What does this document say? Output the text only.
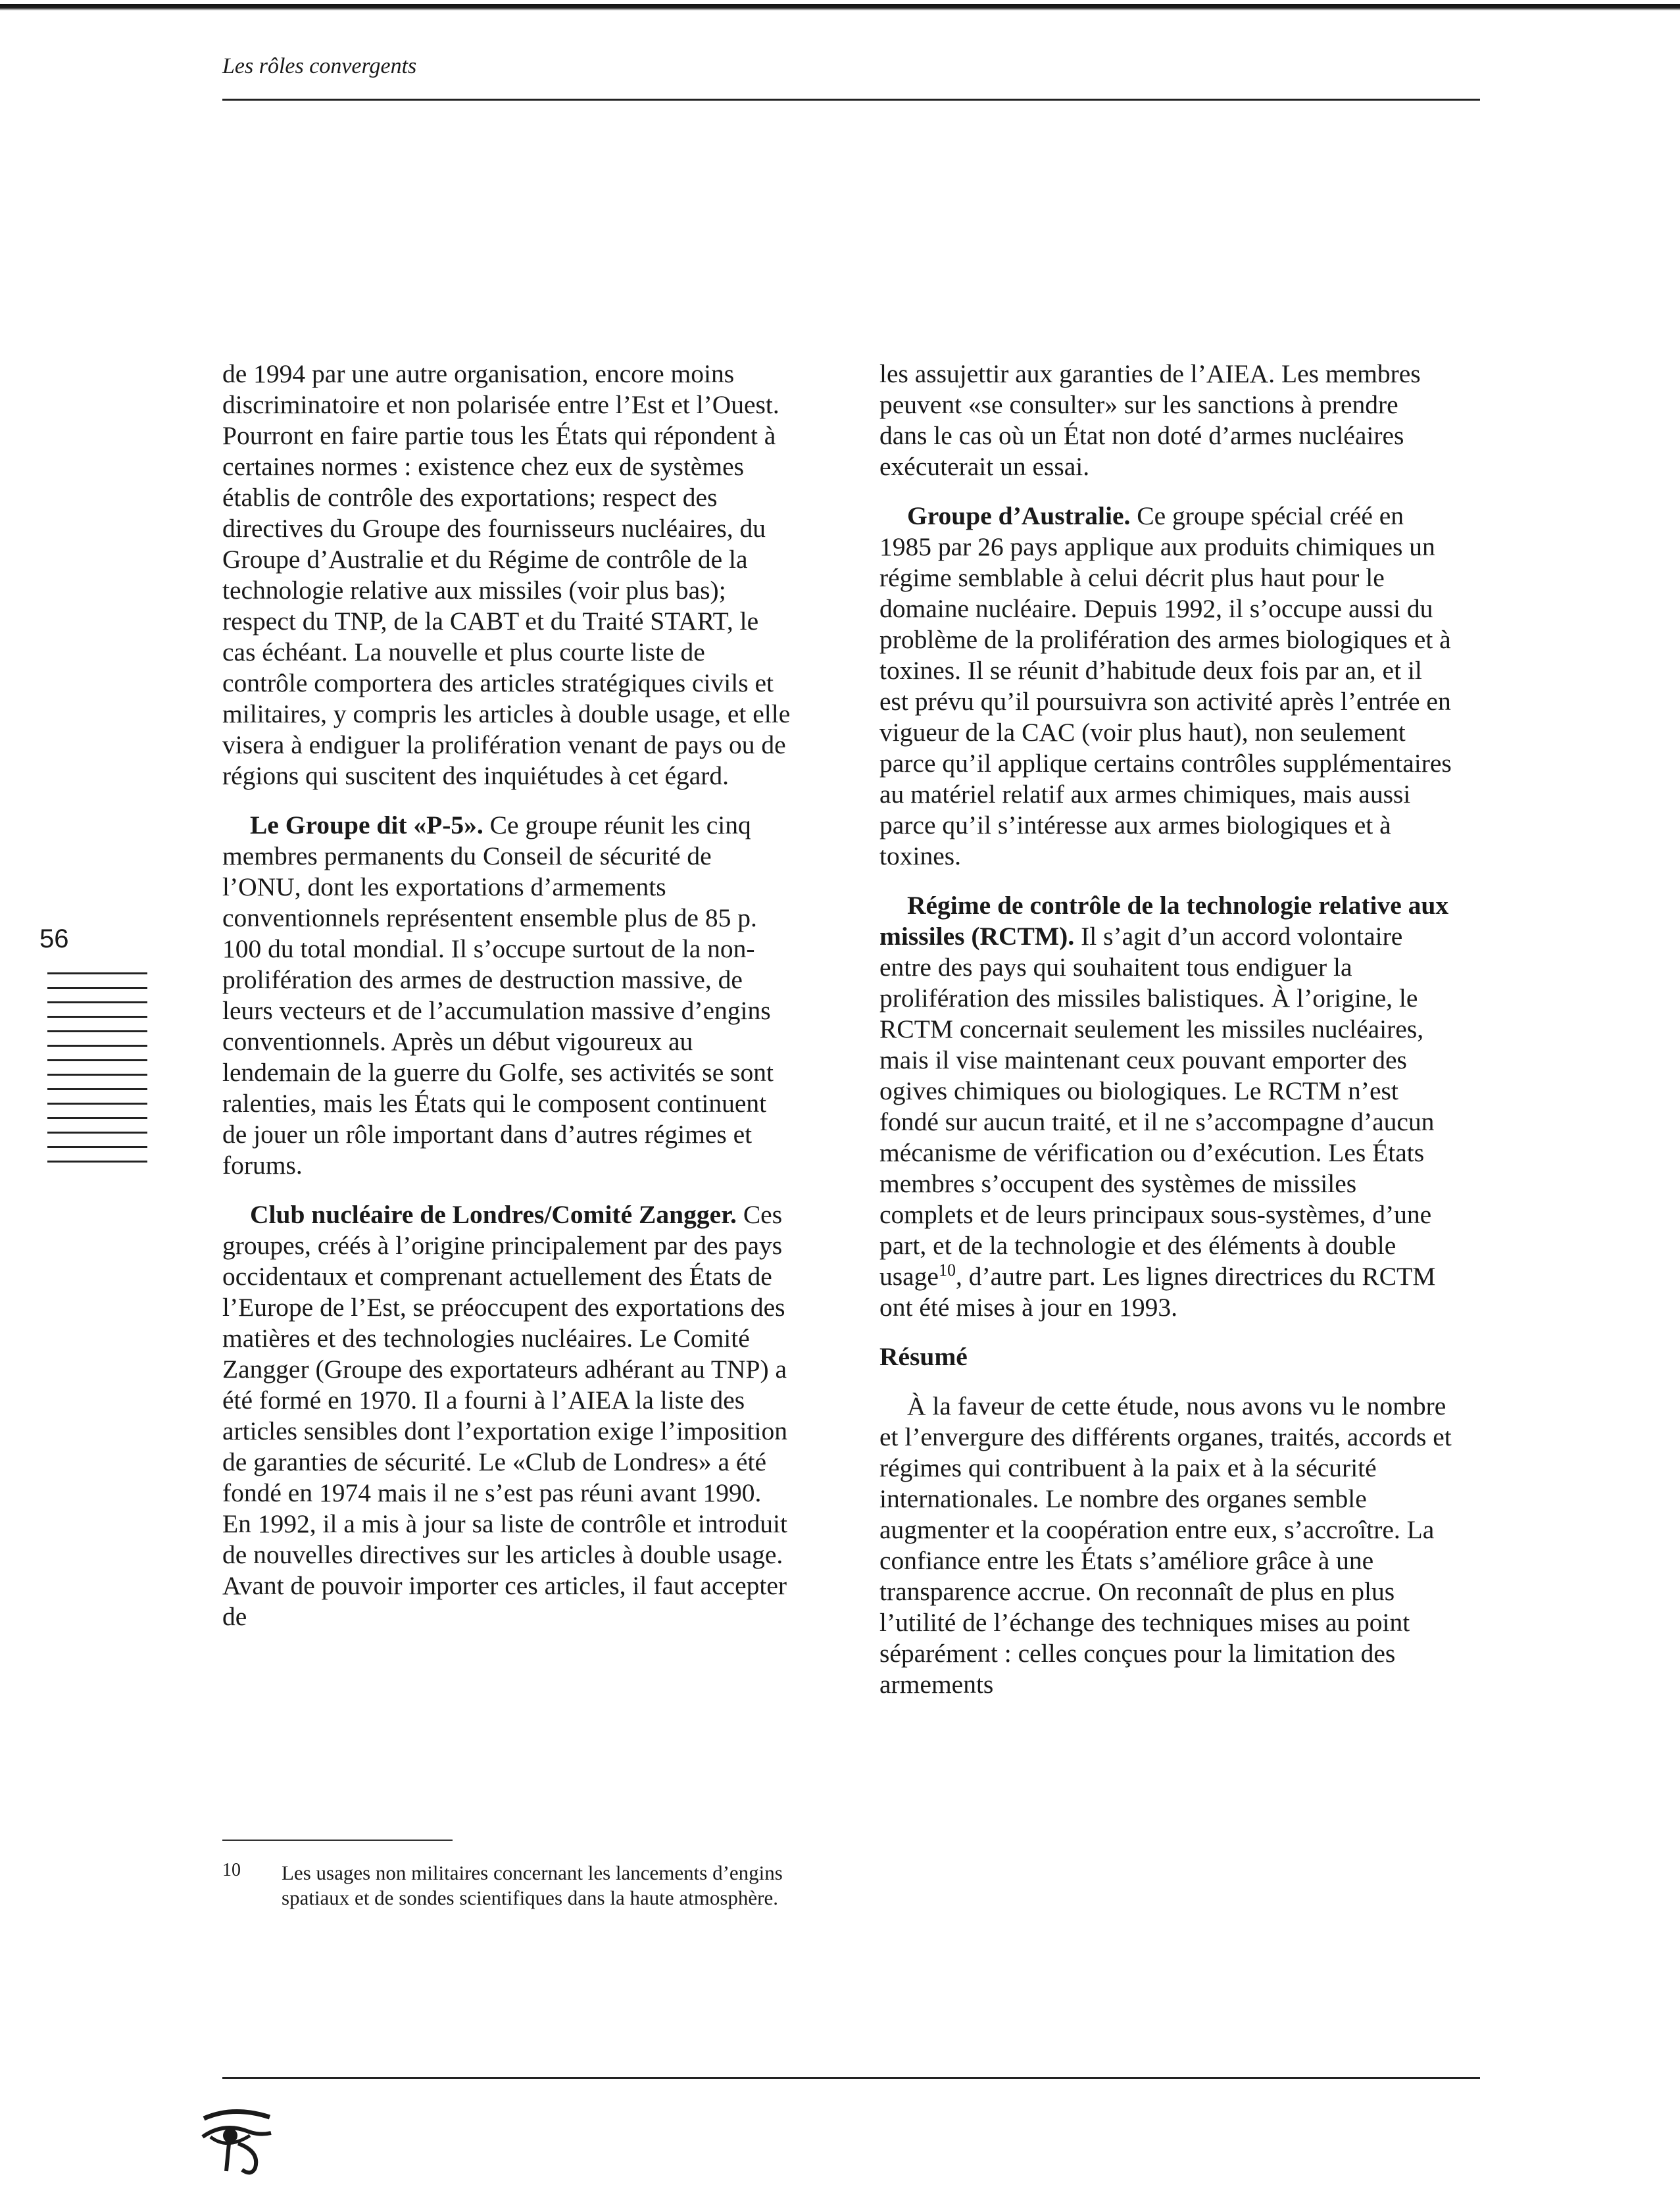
Les rôles convergents
56

de 1994 par une autre organisation, encore moins discriminatoire et non polarisée entre l’Est et l’Ouest. Pourront en faire partie tous les États qui répondent à certaines normes : existence chez eux de systèmes établis de contrôle des exportations; respect des directives du Groupe des fournisseurs nucléaires, du Groupe d’Australie et du Régime de contrôle de la technologie relative aux missiles (voir plus bas); respect du TNP, de la CABT et du Traité START, le cas échéant. La nouvelle et plus courte liste de contrôle comportera des articles stratégiques civils et militaires, y compris les articles à double usage, et elle visera à endiguer la prolifération venant de pays ou de régions qui suscitent des inquiétudes à cet égard.

Le Groupe dit «P-5». Ce groupe réunit les cinq membres permanents du Conseil de sécurité de l’ONU, dont les exportations d’armements conventionnels représentent ensemble plus de 85 p. 100 du total mondial. Il s’occupe surtout de la non-prolifération des armes de destruction massive, de leurs vecteurs et de l’accumulation massive d’engins conventionnels. Après un début vigoureux au lendemain de la guerre du Golfe, ses activités se sont ralenties, mais les États qui le composent continuent de jouer un rôle important dans d’autres régimes et forums.

Club nucléaire de Londres/Comité Zangger. Ces groupes, créés à l’origine principalement par des pays occidentaux et comprenant actuellement des États de l’Europe de l’Est, se préoccupent des exportations des matières et des technologies nucléaires. Le Comité Zangger (Groupe des exportateurs adhérant au TNP) a été formé en 1970. Il a fourni à l’AIEA la liste des articles sensibles dont l’exportation exige l’imposition de garanties de sécurité. Le «Club de Londres» a été fondé en 1974 mais il ne s’est pas réuni avant 1990. En 1992, il a mis à jour sa liste de contrôle et introduit de nouvelles directives sur les articles à double usage. Avant de pouvoir importer ces articles, il faut accepter de

les assujettir aux garanties de l’AIEA. Les membres peuvent «se consulter» sur les sanctions à prendre dans le cas où un État non doté d’armes nucléaires exécuterait un essai.

Groupe d’Australie. Ce groupe spécial créé en 1985 par 26 pays applique aux produits chimiques un régime semblable à celui décrit plus haut pour le domaine nucléaire. Depuis 1992, il s’occupe aussi du problème de la prolifération des armes biologiques et à toxines. Il se réunit d’habitude deux fois par an, et il est prévu qu’il poursuivra son activité après l’entrée en vigueur de la CAC (voir plus haut), non seulement parce qu’il applique certains contrôles supplémentaires au matériel relatif aux armes chimiques, mais aussi parce qu’il s’intéresse aux armes biologiques et à toxines.

Régime de contrôle de la technologie relative aux missiles (RCTM). Il s’agit d’un accord volontaire entre des pays qui souhaitent tous endiguer la prolifération des missiles balistiques. À l’origine, le RCTM concernait seulement les missiles nucléaires, mais il vise maintenant ceux pouvant emporter des ogives chimiques ou biologiques. Le RCTM n’est fondé sur aucun traité, et il ne s’accompagne d’aucun mécanisme de vérification ou d’exécution. Les États membres s’occupent des systèmes de missiles complets et de leurs principaux sous-systèmes, d’une part, et de la technologie et des éléments à double usage$^{10}$, d’autre part. Les lignes directrices du RCTM ont été mises à jour en 1993.

Résumé

À la faveur de cette étude, nous avons vu le nombre et l’envergure des différents organes, traités, accords et régimes qui contribuent à la paix et à la sécurité internationales. Le nombre des organes semble augmenter et la coopération entre eux, s’accroître. La confiance entre les États s’améliore grâce à une transparence accrue. On reconnaît de plus en plus l’utilité de l’échange des techniques mises au point séparément : celles conçues pour la limitation des armements

10 Les usages non militaires concernant les lancements d’engins spatiaux et de sondes scientifiques dans la haute atmosphère.
